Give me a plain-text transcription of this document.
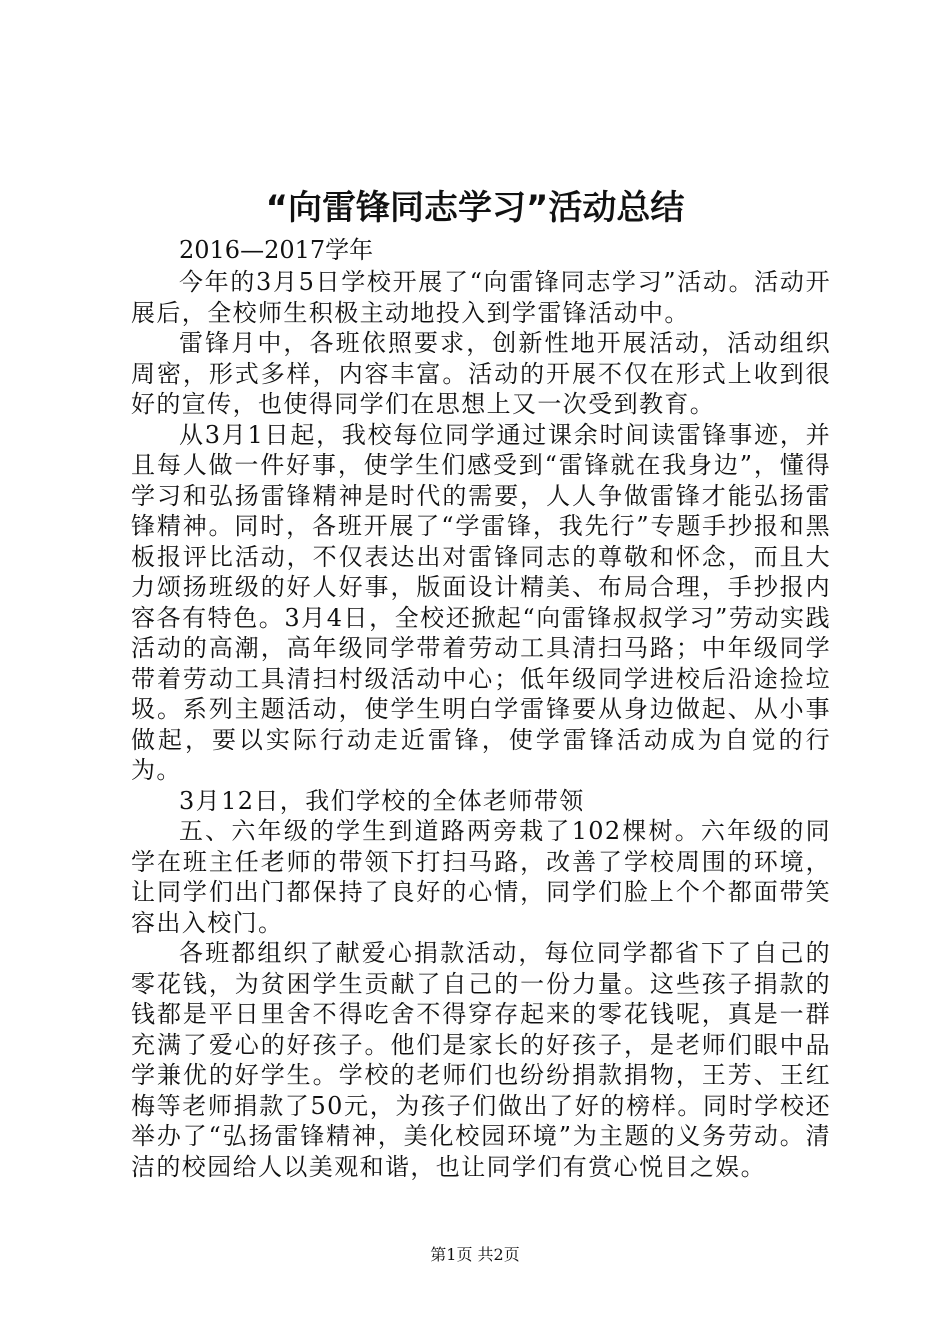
“向雷锋同志学习”活动总结
2016—2017学年

今年的3月5日学校开展了“向雷锋同志学习”活动。活动开展后，全校师生积极主动地投入到学雷锋活动中。

雷锋月中，各班依照要求，创新性地开展活动，活动组织周密，形式多样，内容丰富。活动的开展不仅在形式上收到很好的宣传，也使得同学们在思想上又一次受到教育。

从3月1日起，我校每位同学通过课余时间读雷锋事迹，并且每人做一件好事，使学生们感受到“雷锋就在我身边”，懂得学习和弘扬雷锋精神是时代的需要，人人争做雷锋才能弘扬雷锋精神。同时，各班开展了“学雷锋，我先行”专题手抄报和黑板报评比活动，不仅表达出对雷锋同志的尊敬和怀念，而且大力颂扬班级的好人好事，版面设计精美、布局合理，手抄报内容各有特色。3月4日，全校还掀起“向雷锋叔叔学习”劳动实践活动的高潮，高年级同学带着劳动工具清扫马路；中年级同学带着劳动工具清扫村级活动中心；低年级同学进校后沿途捡垃圾。系列主题活动，使学生明白学雷锋要从身边做起、从小事做起，要以实际行动走近雷锋，使学雷锋活动成为自觉的行为。

3月12日，我们学校的全体老师带领

五、六年级的学生到道路两旁栽了102棵树。六年级的同学在班主任老师的带领下打扫马路，改善了学校周围的环境，让同学们出门都保持了良好的心情，同学们脸上个个都面带笑容出入校门。

各班都组织了献爱心捐款活动，每位同学都省下了自己的零花钱，为贫困学生贡献了自己的一份力量。这些孩子捐款的钱都是平日里舍不得吃舍不得穿存起来的零花钱呢，真是一群充满了爱心的好孩子。他们是家长的好孩子，是老师们眼中品学兼优的好学生。学校的老师们也纷纷捐款捐物，王芳、王红梅等老师捐款了50元，为孩子们做出了好的榜样。同时学校还举办了“弘扬雷锋精神，美化校园环境”为主题的义务劳动。清洁的校园给人以美观和谐，也让同学们有赏心悦目之娱。

第1页 共2页
